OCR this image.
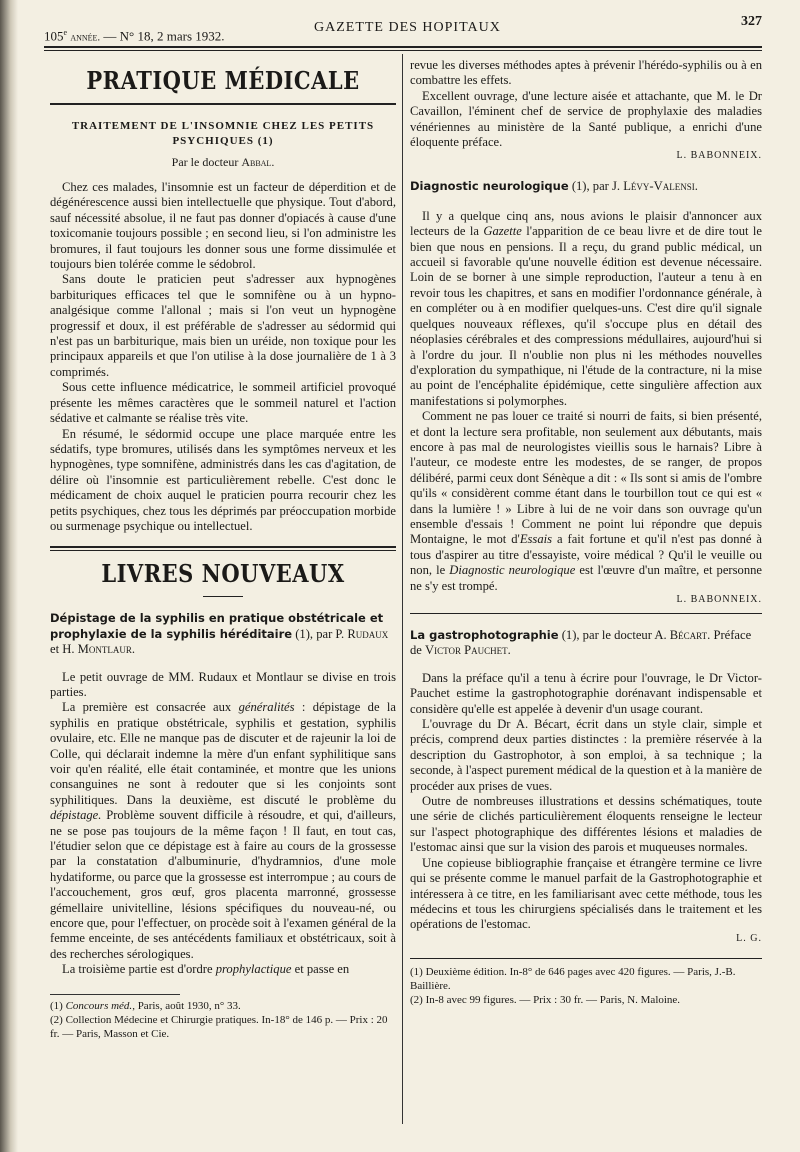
105e année. — N° 18, 2 mars 1932.
GAZETTE DES HOPITAUX	327
PRATIQUE MÉDICALE
TRAITEMENT DE L'INSOMNIE CHEZ LES PETITS
PSYCHIQUES (1)
Par le docteur Abbal.

Chez ces malades, l'insomnie est un facteur de déperdition et de dégénérescence aussi bien intellectuelle que physique. Tout d'abord, sauf nécessité absolue, il ne faut pas donner d'opiacés à cause d'une toxicomanie toujours possible ; en second lieu, si l'on administre les bromures, il faut toujours les donner sous une forme dissimulée et toujours bien tolérée comme le sédobrol.

Sans doute le praticien peut s'adresser aux hypnogènes barbituriques efficaces tel que le somnifène ou à un hypno-analgésique comme l'allonal ; mais si l'on veut un hypnogène progressif et doux, il est préférable de s'adresser au sédormid qui n'est pas un barbiturique, mais bien un uréide, non toxique pour les principaux appareils et que l'on utilise à la dose journalière de 1 à 3 comprimés.

Sous cette influence médicatrice, le sommeil artificiel provoqué présente les mêmes caractères que le sommeil naturel et l'action sédative et calmante se réalise très vite.

En résumé, le sédormid occupe une place marquée entre les sédatifs, type bromures, utilisés dans les symptômes nerveux et les hypnogènes, type somnifène, administrés dans les cas d'agitation, de délire où l'insomnie est particulièrement rebelle. C'est donc le médicament de choix auquel le praticien pourra recourir chez les petits psychiques, chez tous les déprimés par préoccupation morbide ou surmenage psychique ou intellectuel.

LIVRES NOUVEAUX
Dépistage de la syphilis en pratique obstétricale et prophylaxie de la syphilis héréditaire (1), par P. Rudaux et H. Montlaur.

Le petit ouvrage de MM. Rudaux et Montlaur se divise en trois parties.

La première est consacrée aux généralités : dépistage de la syphilis en pratique obstétricale, syphilis et gestation, syphilis ovulaire, etc. Elle ne manque pas de discuter et de rajeunir la loi de Colle, qui déclarait indemne la mère d'un enfant syphilitique sans voir qu'en réalité, elle était contaminée, et montre que les unions consanguines ne sont à redouter que si les conjoints sont syphilitiques. Dans la deuxième, est discuté le problème du dépistage. Problème souvent difficile à résoudre, et qui, d'ailleurs, ne se pose pas toujours de la même façon ! Il faut, en tout cas, l'étudier selon que ce dépistage est à faire au cours de la grossesse par la constatation d'albuminurie, d'hydramnios, d'une mole hydatiforme, ou parce que la grossesse est interrompue ; au cours de l'accouchement, gros œuf, gros placenta marronné, grossesse gémellaire univitelline, lésions spécifiques du nouveau-né, ou encore que, pour l'effectuer, on procède soit à l'examen général de la femme enceinte, de ses antécédents familiaux et obstétricaux, soit à des recherches sérologiques.

La troisième partie est d'ordre prophylactique et passe en

(1) Concours méd., Paris, août 1930, n° 33.
(2) Collection Médecine et Chirurgie pratiques. In-18° de 146 p. — Prix : 20 fr. — Paris, Masson et Cie.

revue les diverses méthodes aptes à prévenir l'hérédo-syphilis ou à en combattre les effets.

Excellent ouvrage, d'une lecture aisée et attachante, que M. le Dr Cavaillon, l'éminent chef de service de prophylaxie des maladies vénériennes au ministère de la Santé publique, a enrichi d'une éloquente préface.

L. BABONNEIX.
Diagnostic neurologique (1), par J. Lévy-Valensi.

Il y a quelque cinq ans, nous avions le plaisir d'annoncer aux lecteurs de la Gazette l'apparition de ce beau livre et de dire tout le bien que nous en pensions. Il a reçu, du grand public médical, un accueil si favorable qu'une nouvelle édition est devenue nécessaire. Loin de se borner à une simple reproduction, l'auteur a tenu à en revoir tous les chapitres, et sans en modifier l'ordonnance générale, à en compléter ou à en modifier quelques-uns. C'est dire qu'il signale quelques nouveaux réflexes, qu'il s'occupe plus en détail des néoplasies cérébrales et des compressions médullaires, aujourd'hui si à l'ordre du jour. Il n'oublie non plus ni les méthodes nouvelles d'exploration du sympathique, ni l'étude de la contracture, ni la mise au point de l'encéphalite épidémique, cette singulière affection aux manifestations si polymorphes.

Comment ne pas louer ce traité si nourri de faits, si bien présenté, et dont la lecture sera profitable, non seulement aux débutants, mais encore à pas mal de neurologistes vieillis sous le harnais? Libre à l'auteur, ce modeste entre les modestes, de se ranger, de propos délibéré, parmi ceux dont Sénèque a dit : « Ils sont si amis de l'ombre qu'ils « considèrent comme étant dans le tourbillon tout ce qui est « dans la lumière ! » Libre à lui de ne voir dans son ouvrage qu'un ensemble d'essais ! Comment ne point lui répondre que depuis Montaigne, le mot d'Essais a fait fortune et qu'il n'est pas donné à tous d'aspirer au titre d'essayiste, voire médical ? Qu'il le veuille ou non, le Diagnostic neurologique est l'œuvre d'un maître, et personne ne s'y est trompé.

L. BABONNEIX.
La gastrophotographie (1), par le docteur A. Bécart. Préface de Victor Pauchet.

Dans la préface qu'il a tenu à écrire pour l'ouvrage, le Dr Victor-Pauchet estime la gastrophotographie dorénavant indispensable et considère qu'elle est appelée à devenir d'un usage courant.

L'ouvrage du Dr A. Bécart, écrit dans un style clair, simple et précis, comprend deux parties distinctes : la première réservée à la description du Gastrophotor, à son emploi, à sa technique ; la seconde, à l'aspect purement médical de la question et à la manière de procéder aux prises de vues.

Outre de nombreuses illustrations et dessins schématiques, toute une série de clichés particulièrement éloquents renseigne le lecteur sur l'aspect photographique des différentes lésions et maladies de l'estomac ainsi que sur la vision des parois et muqueuses normales.

Une copieuse bibliographie française et étrangère termine ce livre qui se présente comme le manuel parfait de la Gastrophotographie et intéressera à ce titre, en les familiarisant avec cette méthode, tous les médecins et tous les chirurgiens spécialisés dans le traitement et les opérations de l'estomac.

L. G.
(1) Deuxième édition. In-8° de 646 pages avec 420 figures. — Paris, J.-B. Baillière.
(2) In-8 avec 99 figures. — Prix : 30 fr. — Paris, N. Maloine.
